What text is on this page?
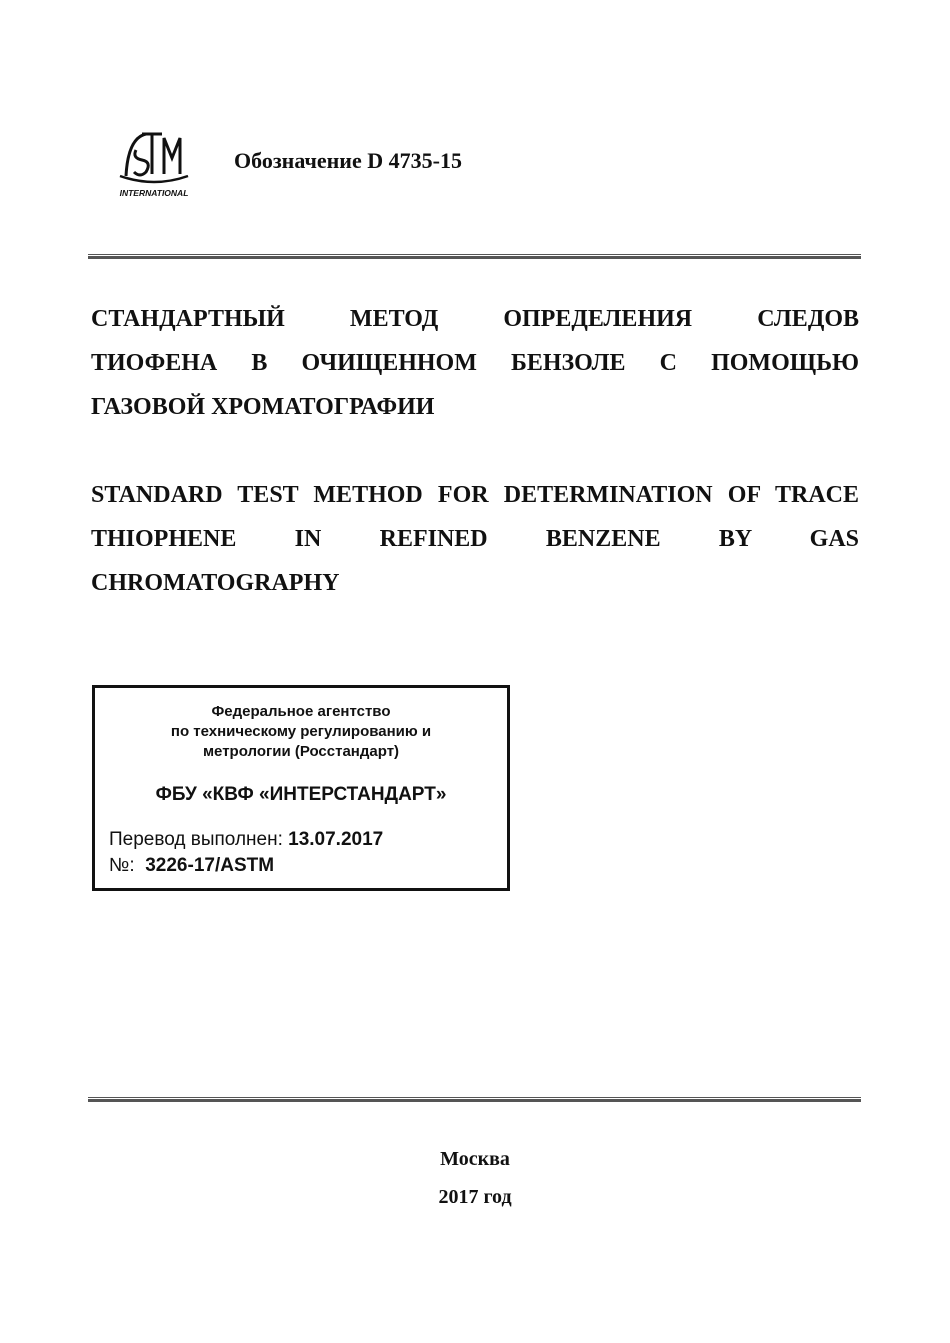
INTERNATIONAL
Обозначение D 4735-15
СТАНДАРТНЫЙ МЕТОД ОПРЕДЕЛЕНИЯ СЛЕДОВ
ТИОФЕНА В ОЧИЩЕННОМ БЕНЗОЛЕ С ПОМОЩЬЮ
ГАЗОВОЙ ХРОМАТОГРАФИИ
STANDARD TEST METHOD FOR DETERMINATION OF TRACE
THIOPHENE IN REFINED BENZENE BY GAS
CHROMATOGRAPHY
Федеральное агентство
по техническому регулированию и
метрологии (Росстандарт)
ФБУ «КВФ «ИНТЕРСТАНДАРТ»
Перевод выполнен: 13.07.2017
№: 3226-17/ASTM
Москва
2017 год
